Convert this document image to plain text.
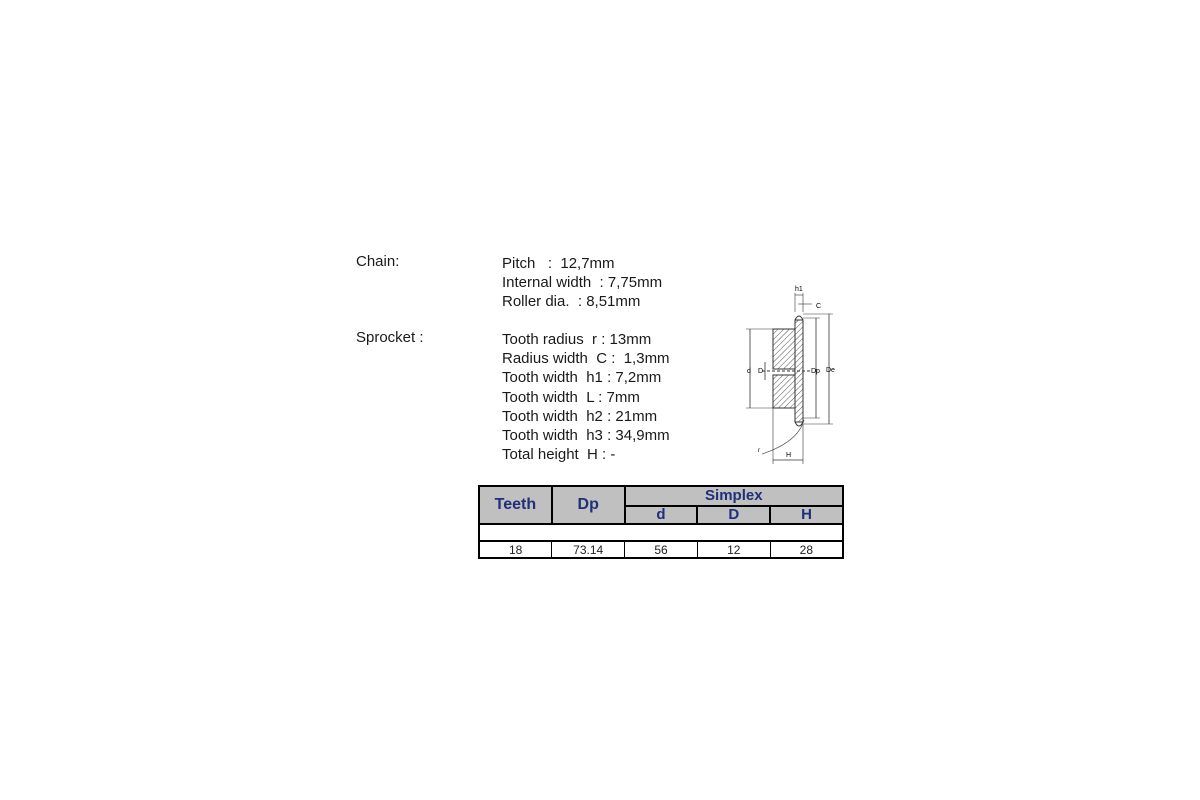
Chain:	Pitch   :  12,7mm
Internal width  : 7,75mm
Roller dia.  : 8,51mm
Sprocket :	Tooth radius  r : 13mm
Radius width  C :  1,3mm
Tooth width  h1 : 7,2mm
Tooth width  L : 7mm
Tooth width  h2 : 21mm
Tooth width  h3 : 34,9mm
Total height  H : -
d D	Dp De
h1
C
r
H
Teeth	Dp	Simplex		
		d	D	H

18	73.14	56	12	28
